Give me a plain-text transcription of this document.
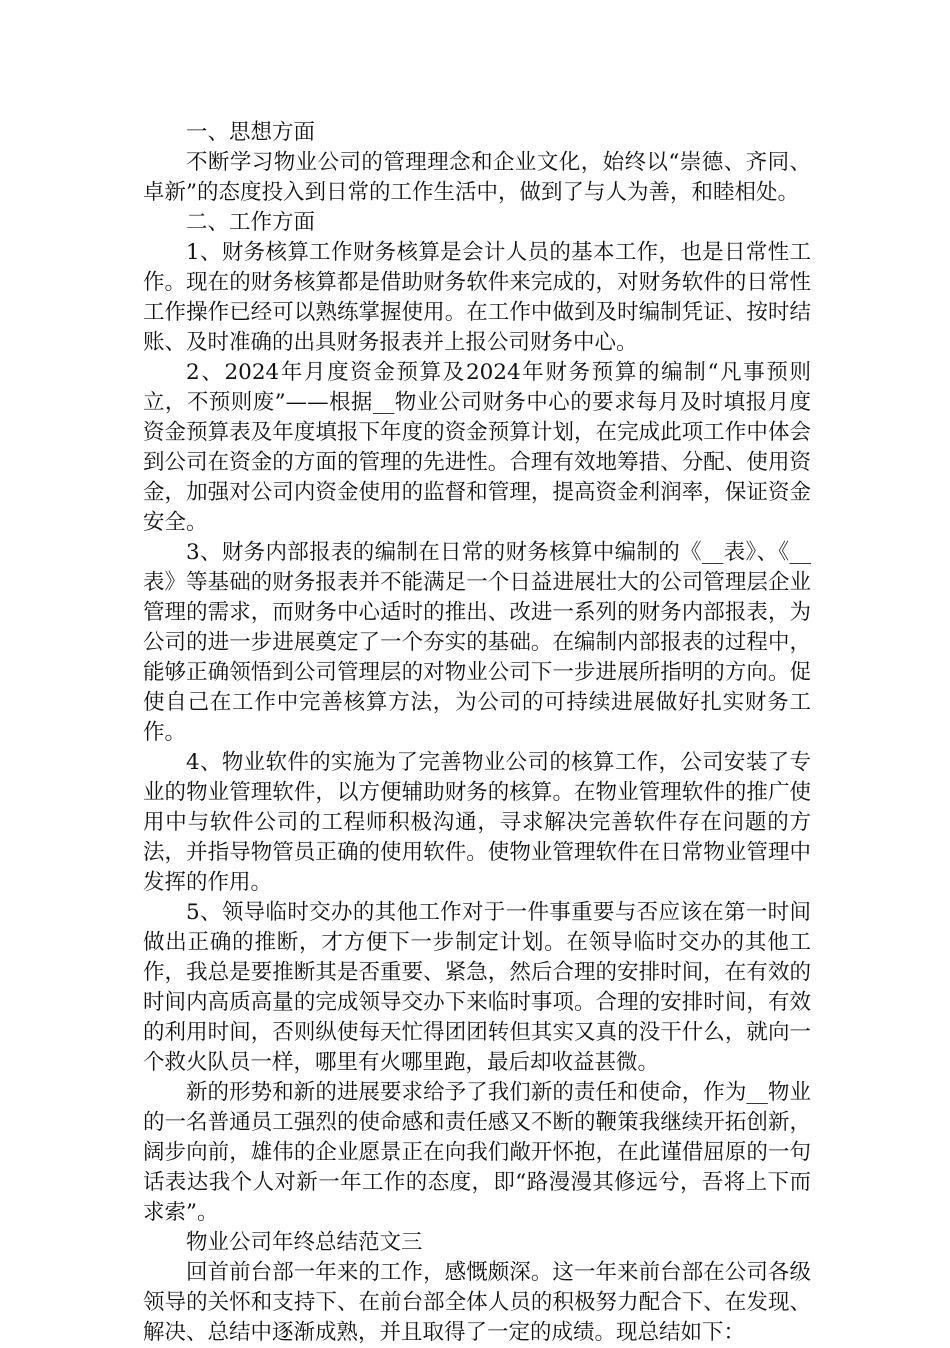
一、思想方面

不断学习物业公司的管理理念和企业文化，始终以“崇德、齐同、卓新”的态度投入到日常的工作生活中，做到了与人为善，和睦相处。

二、工作方面

1、财务核算工作财务核算是会计人员的基本工作，也是日常性工作。现在的财务核算都是借助财务软件来完成的，对财务软件的日常性工作操作已经可以熟练掌握使用。在工作中做到及时编制凭证、按时结账、及时准确的出具财务报表并上报公司财务中心。

2、2024年月度资金预算及2024年财务预算的编制“凡事预则立，不预则废”——根据__物业公司财务中心的要求每月及时填报月度资金预算表及年度填报下年度的资金预算计划，在完成此项工作中体会到公司在资金的方面的管理的先进性。合理有效地筹措、分配、使用资金，加强对公司内资金使用的监督和管理，提高资金利润率，保证资金安全。

3、财务内部报表的编制在日常的财务核算中编制的《__表》、《__表》等基础的财务报表并不能满足一个日益进展壮大的公司管理层企业管理的需求，而财务中心适时的推出、改进一系列的财务内部报表，为公司的进一步进展奠定了一个夯实的基础。在编制内部报表的过程中，能够正确领悟到公司管理层的对物业公司下一步进展所指明的方向。促使自己在工作中完善核算方法，为公司的可持续进展做好扎实财务工作。

4、物业软件的实施为了完善物业公司的核算工作，公司安装了专业的物业管理软件，以方便辅助财务的核算。在物业管理软件的推广使用中与软件公司的工程师积极沟通，寻求解决完善软件存在问题的方法，并指导物管员正确的使用软件。使物业管理软件在日常物业管理中发挥的作用。

5、领导临时交办的其他工作对于一件事重要与否应该在第一时间做出正确的推断，才方便下一步制定计划。在领导临时交办的其他工作，我总是要推断其是否重要、紧急，然后合理的安排时间，在有效的时间内高质高量的完成领导交办下来临时事项。合理的安排时间，有效的利用时间，否则纵使每天忙得团团转但其实又真的没干什么，就向一个救火队员一样，哪里有火哪里跑，最后却收益甚微。

新的形势和新的进展要求给予了我们新的责任和使命，作为__物业的一名普通员工强烈的使命感和责任感又不断的鞭策我继续开拓创新，阔步向前，雄伟的企业愿景正在向我们敞开怀抱，在此谨借屈原的一句话表达我个人对新一年工作的态度，即“路漫漫其修远兮，吾将上下而求索”。

物业公司年终总结范文三

回首前台部一年来的工作，感慨颇深。这一年来前台部在公司各级领导的关怀和支持下、在前台部全体人员的积极努力配合下、在发现、解决、总结中逐渐成熟，并且取得了一定的成绩。现总结如下：
